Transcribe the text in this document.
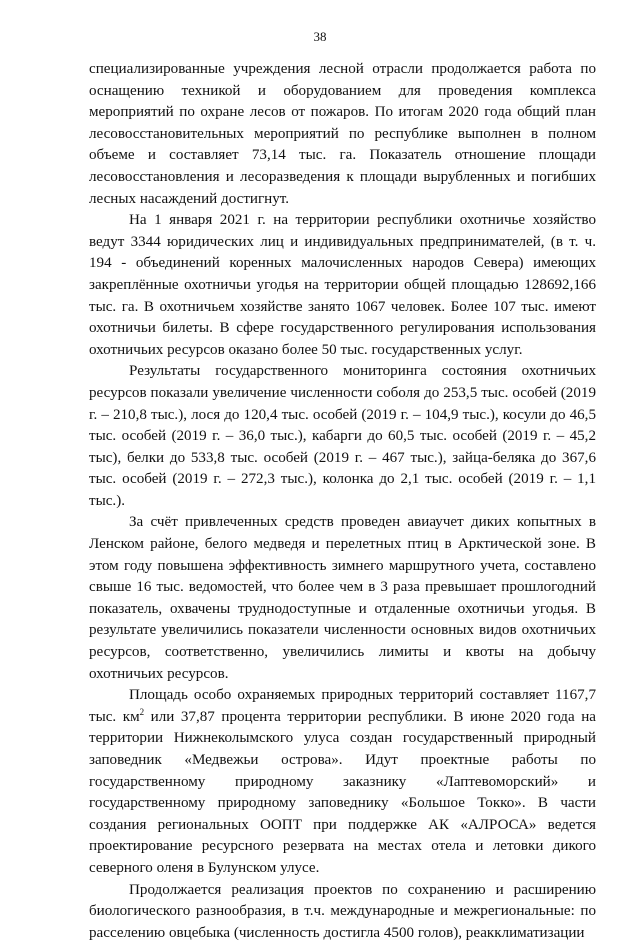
38

специализированные учреждения лесной отрасли продолжается работа по оснащению техникой и оборудованием для проведения комплекса мероприятий по охране лесов от пожаров. По итогам 2020 года общий план лесовосстановительных мероприятий по республике выполнен в полном объеме и составляет 73,14 тыс. га. Показатель отношение площади лесовосстановления и лесоразведения к площади вырубленных и погибших лесных насаждений достигнут.

На 1 января 2021 г. на территории республики охотничье хозяйство ведут 3344 юридических лиц и индивидуальных предпринимателей, (в т. ч. 194 - объединений коренных малочисленных народов Севера) имеющих закреплённые охотничьи угодья на территории общей площадью 128692,166 тыс. га. В охотничьем хозяйстве занято 1067 человек. Более 107 тыс. имеют охотничьи билеты. В сфере государственного регулирования использования охотничьих ресурсов оказано более 50 тыс. государственных услуг.

Результаты государственного мониторинга состояния охотничьих ресурсов показали увеличение численности соболя до 253,5 тыс. особей (2019 г. – 210,8 тыс.), лося до 120,4 тыс. особей (2019 г. – 104,9 тыс.), косули до 46,5 тыс. особей (2019 г. – 36,0 тыс.), кабарги до 60,5 тыс. особей (2019 г. – 45,2 тыс), белки до 533,8 тыс. особей (2019 г. – 467 тыс.), зайца-беляка до 367,6 тыс. особей (2019 г. – 272,3 тыс.), колонка до 2,1 тыс. особей (2019 г. – 1,1 тыс.).

За счёт привлеченных средств проведен авиаучет диких копытных в Ленском районе, белого медведя и перелетных птиц в Арктической зоне. В этом году повышена эффективность зимнего маршрутного учета, составлено свыше 16 тыс. ведомостей, что более чем в 3 раза превышает прошлогодний показатель, охвачены труднодоступные и отдаленные охотничьи угодья. В результате увеличились показатели численности основных видов охотничьих ресурсов, соответственно, увеличились лимиты и квоты на добычу охотничьих ресурсов.

Площадь особо охраняемых природных территорий составляет 1167,7 тыс. $км^2$ или 37,87 процента территории республики. В июне 2020 года на территории Нижнеколымского улуса создан государственный природный заповедник «Медвежьи острова». Идут проектные работы по государственному природному заказнику «Лаптевоморский» и государственному природному заповеднику «Большое Токко». В части создания региональных ООПТ при поддержке АК «АЛРОСА» ведется проектирование ресурсного резервата на местах отела и летовки дикого северного оленя в Булунском улусе.

Продолжается реализация проектов по сохранению и расширению биологического разнообразия, в т.ч. международные и межрегиональные: по расселению овцебыка (численность достигла 4500 голов), реакклиматизации
